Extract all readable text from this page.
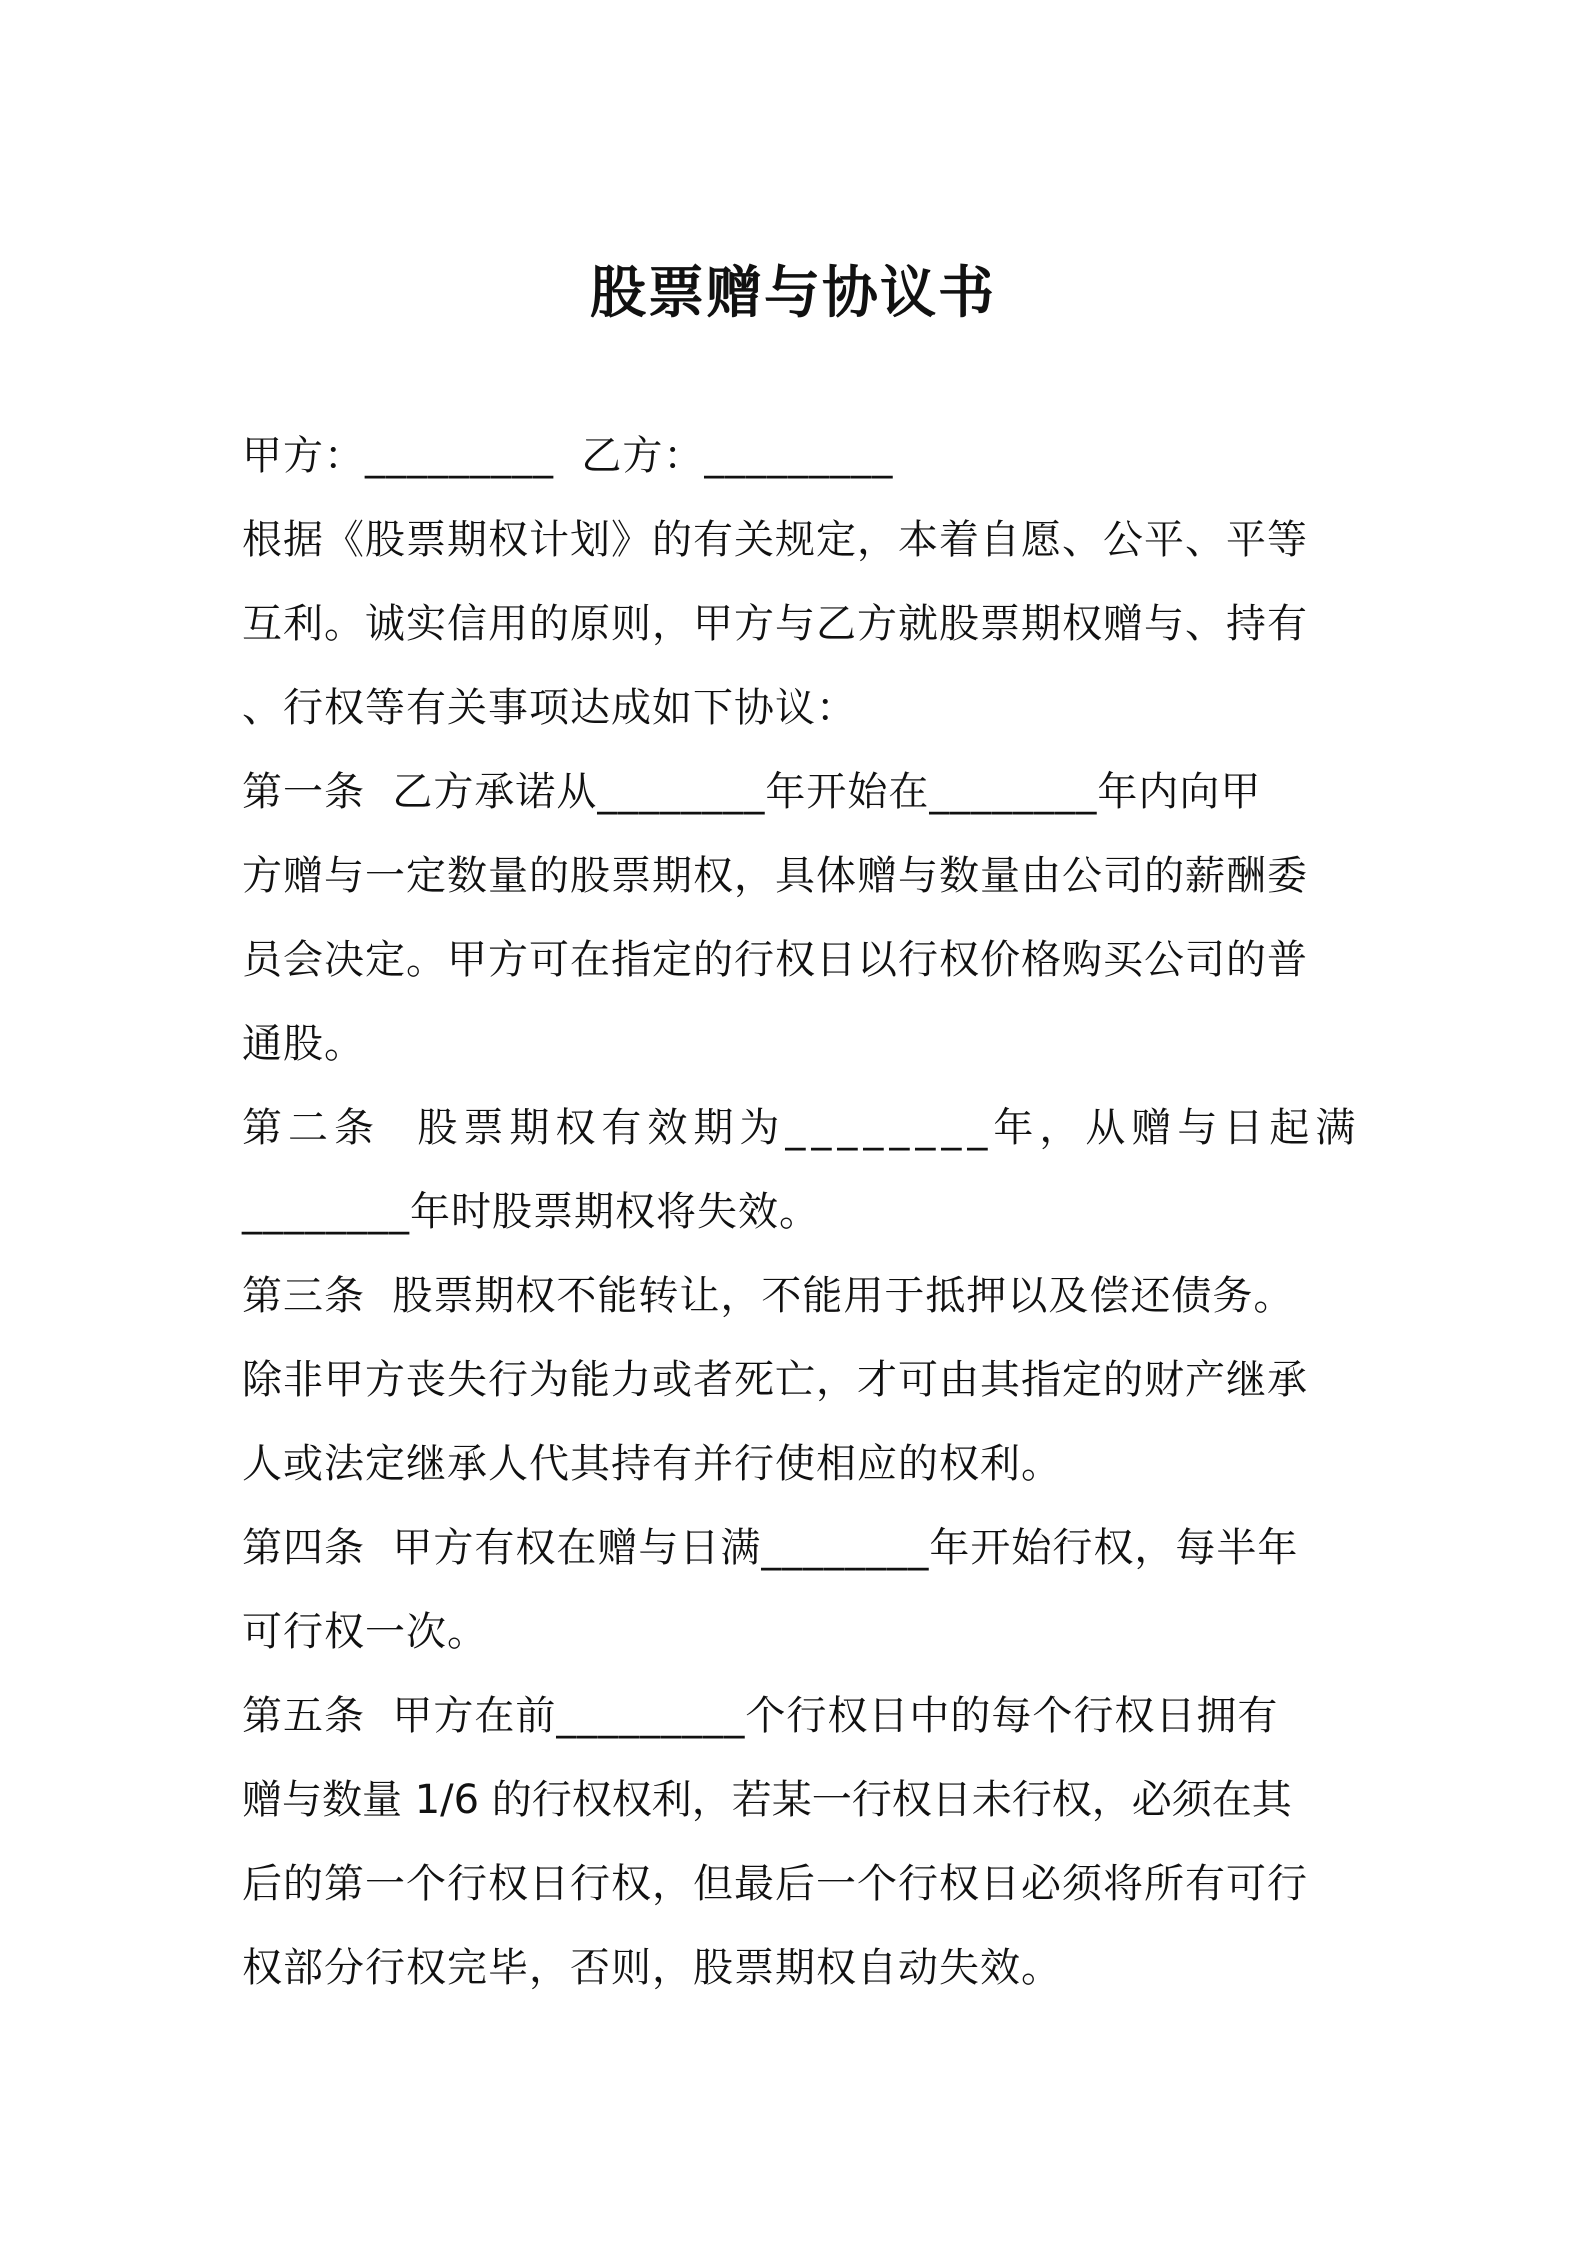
股票赠与协议书
甲方：_________  乙方：_________
根据《股票期权计划》的有关规定，本着自愿、公平、平等
互利。诚实信用的原则，甲方与乙方就股票期权赠与、持有
、行权等有关事项达成如下协议：
第一条  乙方承诺从________年开始在________年内向甲
方赠与一定数量的股票期权，具体赠与数量由公司的薪酬委
员会决定。甲方可在指定的行权日以行权价格购买公司的普
通股。
第二条  股票期权有效期为________年，从赠与日起满
________年时股票期权将失效。
第三条  股票期权不能转让，不能用于抵押以及偿还债务。
除非甲方丧失行为能力或者死亡，才可由其指定的财产继承
人或法定继承人代其持有并行使相应的权利。
第四条  甲方有权在赠与日满________年开始行权，每半年
可行权一次。
第五条  甲方在前_________个行权日中的每个行权日拥有
赠与数量 1/6 的行权权利，若某一行权日未行权，必须在其
后的第一个行权日行权，但最后一个行权日必须将所有可行
权部分行权完毕，否则，股票期权自动失效。
